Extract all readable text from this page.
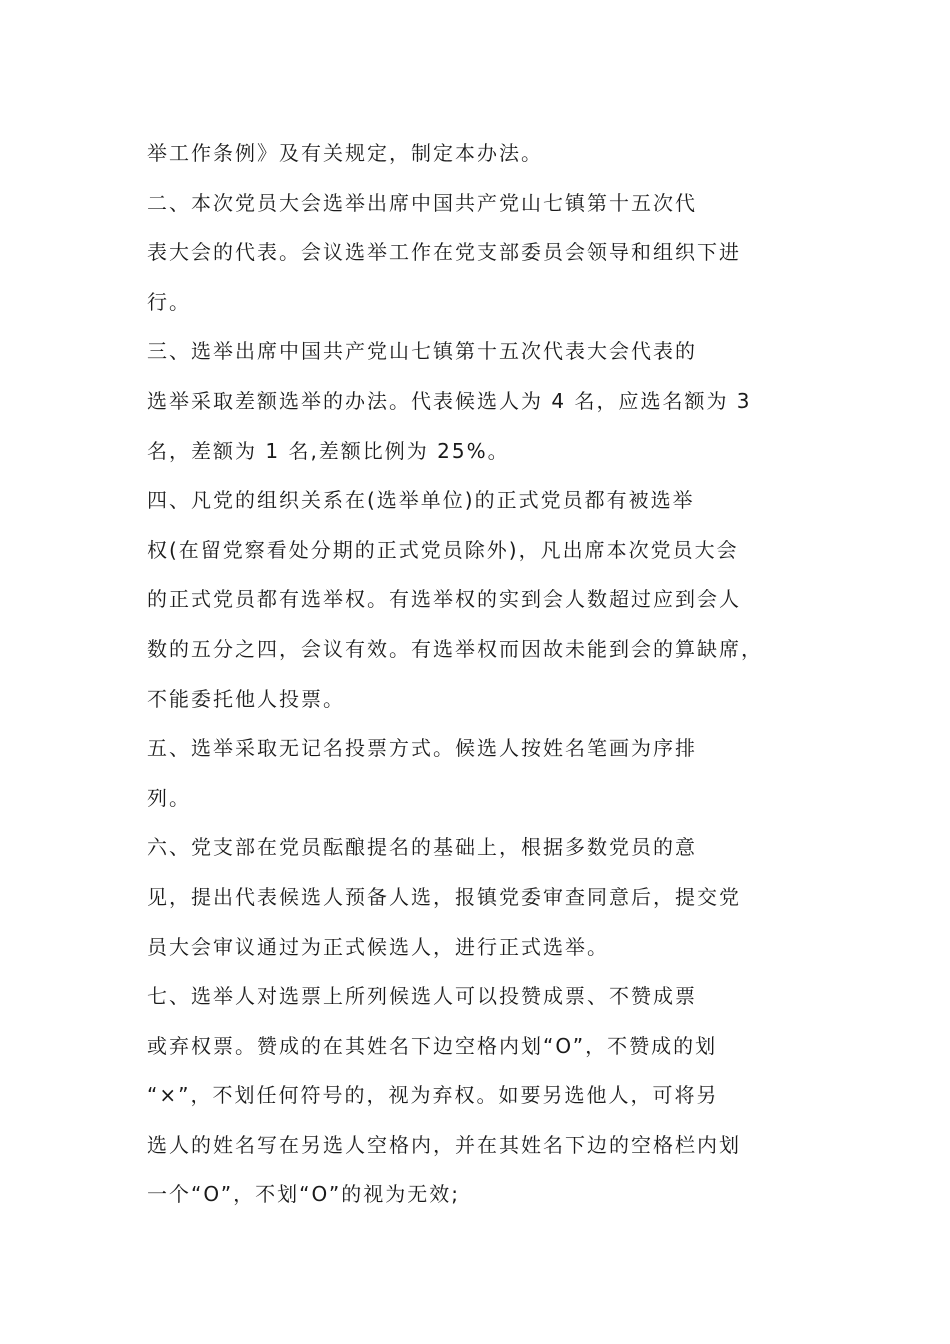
举工作条例》及有关规定，制定本办法。
二、本次党员大会选举出席中国共产党山七镇第十五次代
表大会的代表。会议选举工作在党支部委员会领导和组织下进
行。
三、选举出席中国共产党山七镇第十五次代表大会代表的
选举采取差额选举的办法。代表候选人为 4 名，应选名额为 3
名，差额为 1 名,差额比例为 25%。
四、凡党的组织关系在(选举单位)的正式党员都有被选举
权(在留党察看处分期的正式党员除外)，凡出席本次党员大会
的正式党员都有选举权。有选举权的实到会人数超过应到会人
数的五分之四，会议有效。有选举权而因故未能到会的算缺席，
不能委托他人投票。
五、选举采取无记名投票方式。候选人按姓名笔画为序排
列。
六、党支部在党员酝酿提名的基础上，根据多数党员的意
见，提出代表候选人预备人选，报镇党委审查同意后，提交党
员大会审议通过为正式候选人，进行正式选举。
七、选举人对选票上所列候选人可以投赞成票、不赞成票
或弃权票。赞成的在其姓名下边空格内划“O”，不赞成的划
“×”，不划任何符号的，视为弃权。如要另选他人，可将另
选人的姓名写在另选人空格内，并在其姓名下边的空格栏内划
一个“O”，不划“O”的视为无效;
